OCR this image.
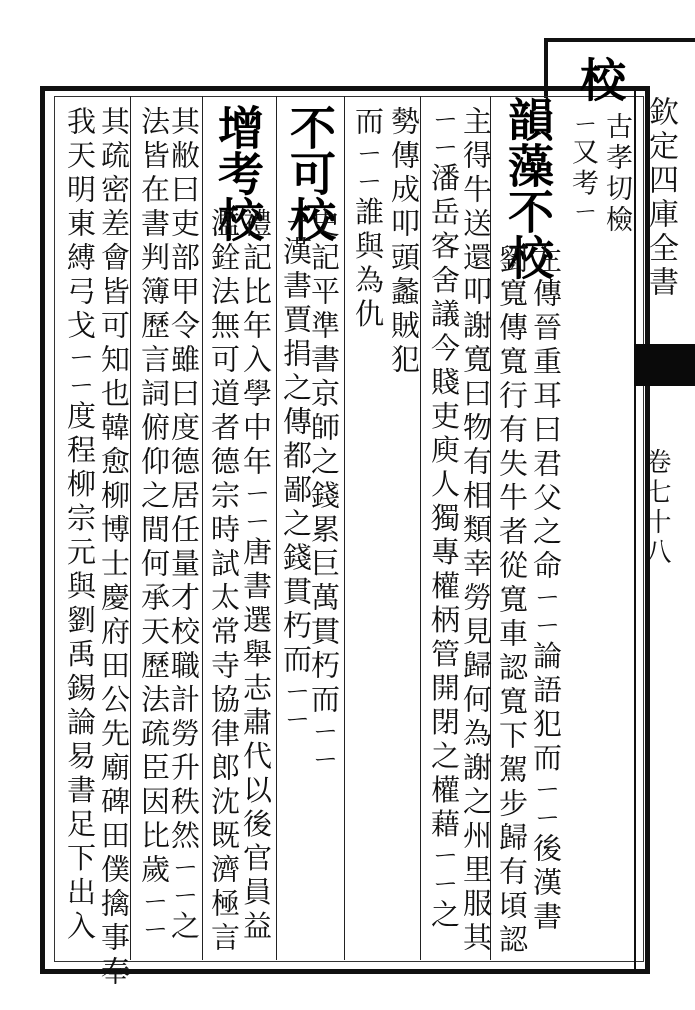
欽定四庫全書
卷七十八
校
古孝切檢
ㄧ又考ㄧ
韻藻不校
左傳晉重耳曰君父之命ㄧㄧ論語犯而ㄧㄧ後漢書
劉寬傳寬行有失牛者從寬車認寬下駕步歸有頃認
主得牛送還叩謝寬曰物有相類幸勞見歸何為謝之州里服其
ㄧㄧ潘岳客舍議今賤吏庾人獨專權柄管開閉之權藉ㄧㄧ之
勢傳成叩頭蠡賊犯
而ㄧㄧ誰與為仇
不可校
史記平準書京師之錢累巨萬貫朽而ㄧㄧ
ㄧ漢書賈捐之傳都鄙之錢貫朽而ㄧㄧ
增考校
禮記比年入學中年ㄧㄧ唐書選舉志肅代以後官員益
濫銓法無可道者德宗時試太常寺協律郎沈既濟極言
其敝曰吏部甲令雖曰度德居任量才校職計勞升秩然ㄧㄧ之
法皆在書判簿歷言詞俯仰之間何承天歷法疏臣因比歲ㄧㄧ
其疏密差會皆可知也韓愈柳博士慶府田公先廟碑田僕擒事奉
我天明東縛弓戈ㄧㄧ度程柳宗元與劉禹錫論易書足下出入
